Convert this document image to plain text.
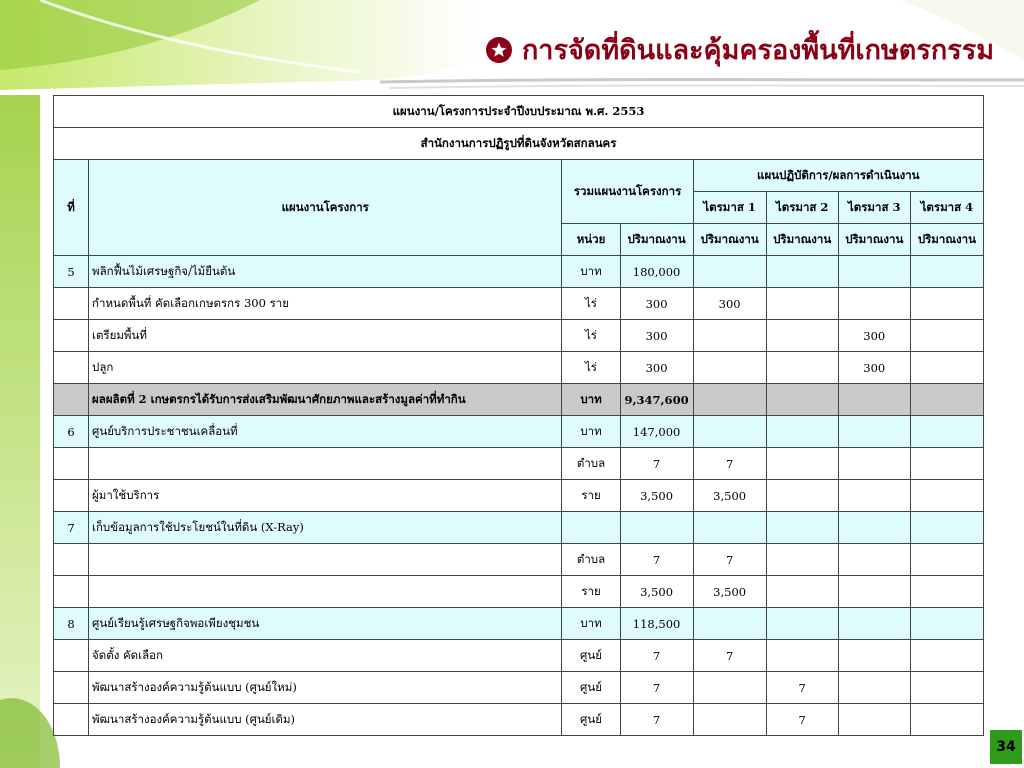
การจัดที่ดินและคุ้มครองพื้นที่เกษตรกรรม
แผนงาน/โครงการประจำปีงบประมาณ พ.ศ. 2553							
สำนักงานการปฏิรูปที่ดินจังหวัดสกลนคร							
ที่	แผนงานโครงการ	รวมแผนงานโครงการ		แผนปฏิบัติการ/ผลการดำเนินงาน			
				ไตรมาส 1	ไตรมาส 2	ไตรมาส 3	ไตรมาส 4
		หน่วย	ปริมาณงาน	ปริมาณงาน	ปริมาณงาน	ปริมาณงาน	ปริมาณงาน
5	พลิกฟื้นไม้เศรษฐกิจ/ไม้ยืนต้น	บาท	180,000				
	กำหนดพื้นที่ คัดเลือกเกษตรกร 300 ราย	ไร่	300	300			
	เตรียมพื้นที่	ไร่	300			300	
	ปลูก	ไร่	300			300	
	ผลผลิตที่ 2 เกษตรกรได้รับการส่งเสริมพัฒนาศักยภาพและสร้างมูลค่าที่ทำกิน	บาท	9,347,600				
6	ศูนย์บริการประชาชนเคลื่อนที่	บาท	147,000				
		ตำบล	7	7			
	ผู้มาใช้บริการ	ราย	3,500	3,500			
7	เก็บข้อมูลการใช้ประโยชน์ในที่ดิน (X-Ray)						
		ตำบล	7	7			
		ราย	3,500	3,500			
8	ศูนย์เรียนรู้เศรษฐกิจพอเพียงชุมชน	บาท	118,500				
	จัดตั้ง คัดเลือก	ศูนย์	7	7			
	พัฒนาสร้างองค์ความรู้ต้นแบบ (ศูนย์ใหม่)	ศูนย์	7		7		
	พัฒนาสร้างองค์ความรู้ต้นแบบ (ศูนย์เดิม)	ศูนย์	7		7		
34
